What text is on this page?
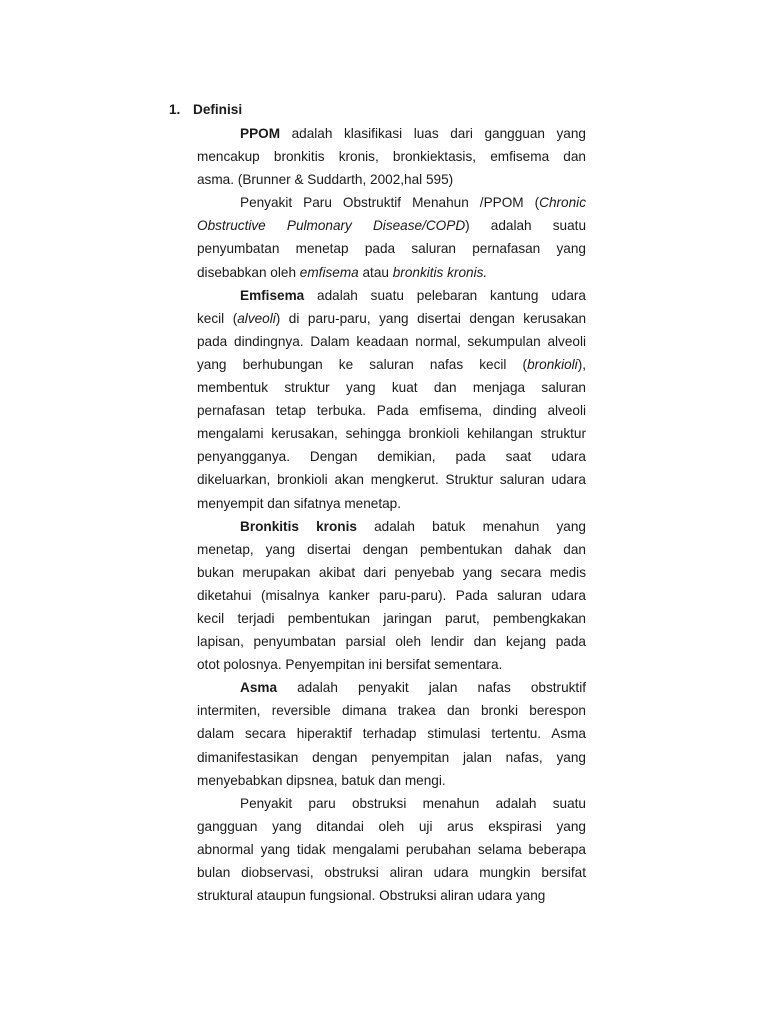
1. Definisi
PPOM adalah klasifikasi luas dari gangguan yang
mencakup bronkitis kronis, bronkiektasis, emfisema dan
asma. (Brunner & Suddarth, 2002,hal 595)
Penyakit Paru Obstruktif Menahun /PPOM (Chronic
Obstructive Pulmonary Disease/COPD) adalah suatu
penyumbatan menetap pada saluran pernafasan yang
disebabkan oleh emfisema atau bronkitis kronis.
Emfisema adalah suatu pelebaran kantung udara
kecil (alveoli) di paru-paru, yang disertai dengan kerusakan
pada dindingnya. Dalam keadaan normal, sekumpulan alveoli
yang berhubungan ke saluran nafas kecil (bronkioli),
membentuk struktur yang kuat dan menjaga saluran
pernafasan tetap terbuka. Pada emfisema, dinding alveoli
mengalami kerusakan, sehingga bronkioli kehilangan struktur
penyangganya. Dengan demikian, pada saat udara
dikeluarkan, bronkioli akan mengkerut. Struktur saluran udara
menyempit dan sifatnya menetap.
Bronkitis kronis adalah batuk menahun yang
menetap, yang disertai dengan pembentukan dahak dan
bukan merupakan akibat dari penyebab yang secara medis
diketahui (misalnya kanker paru-paru). Pada saluran udara
kecil terjadi pembentukan jaringan parut, pembengkakan
lapisan, penyumbatan parsial oleh lendir dan kejang pada
otot polosnya. Penyempitan ini bersifat sementara.
Asma adalah penyakit jalan nafas obstruktif
intermiten, reversible dimana trakea dan bronki berespon
dalam secara hiperaktif terhadap stimulasi tertentu. Asma
dimanifestasikan dengan penyempitan jalan nafas, yang
menyebabkan dipsnea, batuk dan mengi.
Penyakit paru obstruksi menahun adalah suatu
gangguan yang ditandai oleh uji arus ekspirasi yang
abnormal yang tidak mengalami perubahan selama beberapa
bulan diobservasi, obstruksi aliran udara mungkin bersifat
struktural ataupun fungsional. Obstruksi aliran udara yang
